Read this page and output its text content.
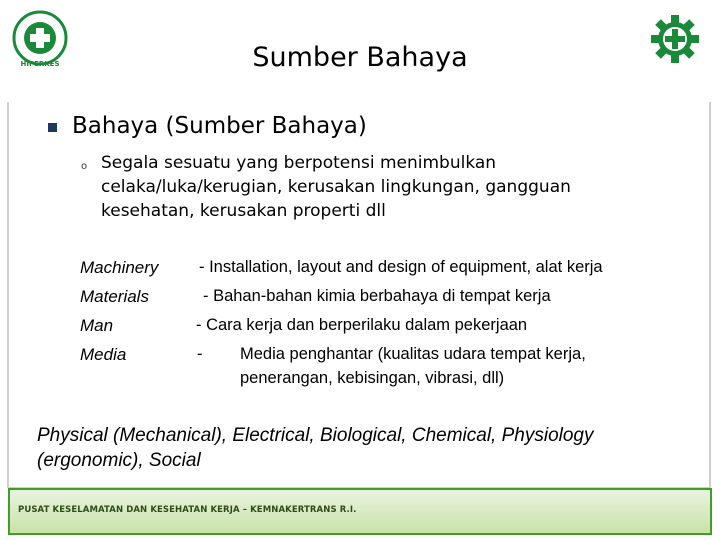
HIPERKES	Sumber Bahaya
Bahaya (Sumber Bahaya)
o Segala sesuatu yang berpotensi menimbulkan celaka/luka/kerugian, kerusakan lingkungan, gangguan kesehatan, kerusakan properti dll
Machinery - Installation, layout and design of equipment, alat kerja
Materials	- Bahan-bahan kimia berbahaya di tempat kerja
Man	- Cara kerja dan berperilaku dalam pekerjaan
Media	- Media penghantar (kualitas udara tempat kerja,
penerangan, kebisingan, vibrasi, dll)
Physical (Mechanical), Electrical, Biological, Chemical, Physiology (ergonomic), Social
PUSAT KESELAMATAN DAN KESEHATAN KERJA – KEMNAKERTRANS R.I.
